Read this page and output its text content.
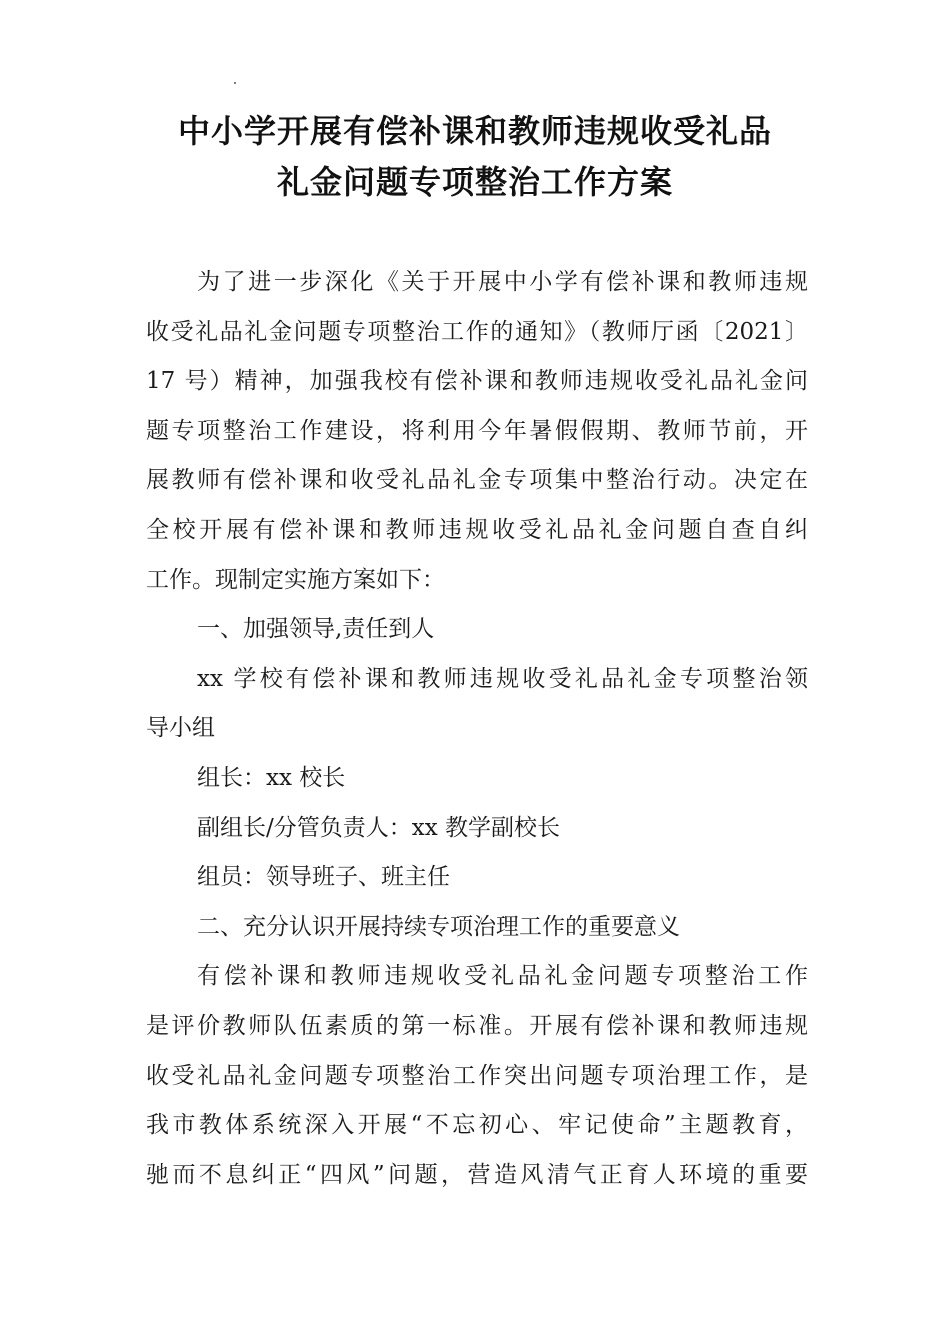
中小学开展有偿补课和教师违规收受礼品
礼金问题专项整治工作方案
为了进一步深化《关于开展中小学有偿补课和教师违规
收受礼品礼金问题专项整治工作的通知》（教师厅函〔2021〕
17 号）精神，加强我校有偿补课和教师违规收受礼品礼金问
题专项整治工作建设，将利用今年暑假假期、教师节前，开
展教师有偿补课和收受礼品礼金专项集中整治行动。决定在
全校开展有偿补课和教师违规收受礼品礼金问题自查自纠
工作。现制定实施方案如下：
一、加强领导,责任到人
xx 学校有偿补课和教师违规收受礼品礼金专项整治领
导小组
组长：xx 校长
副组长/分管负责人：xx 教学副校长
组员：领导班子、班主任
二、充分认识开展持续专项治理工作的重要意义
有偿补课和教师违规收受礼品礼金问题专项整治工作
是评价教师队伍素质的第一标准。开展有偿补课和教师违规
收受礼品礼金问题专项整治工作突出问题专项治理工作，是
我市教体系统深入开展“不忘初心、牢记使命”主题教育，
驰而不息纠正“四风”问题，营造风清气正育人环境的重要
